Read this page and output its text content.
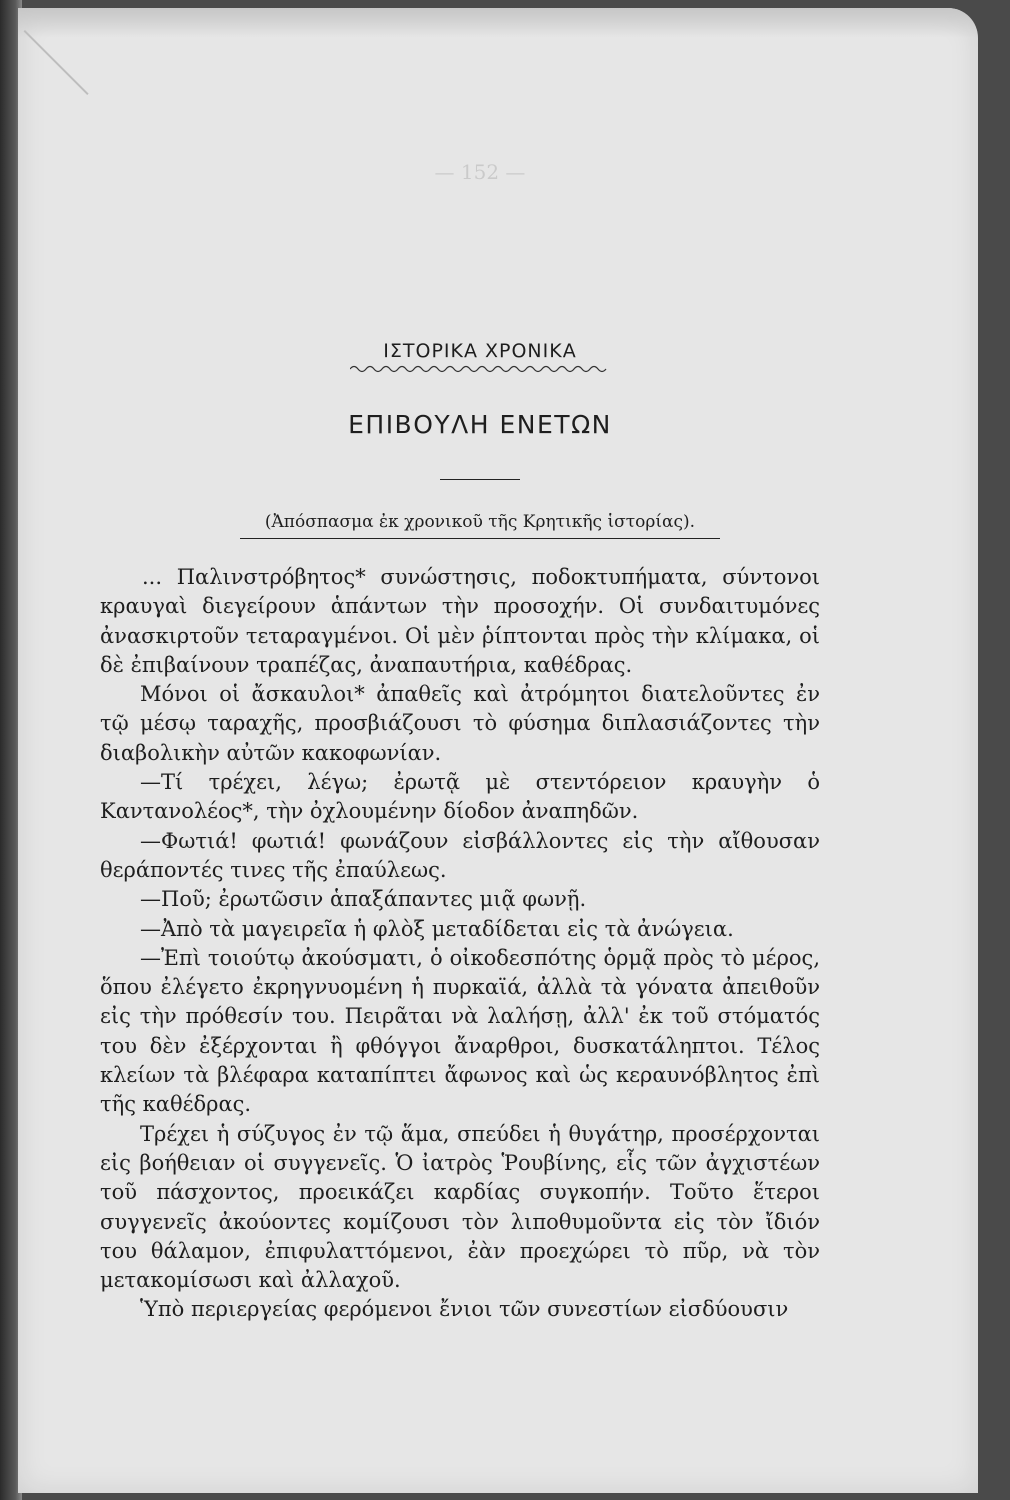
ΙΣΤΟΡΙΚΑ ΧΡΟΝΙΚΑ
ΕΠΙΒΟΥΛΗ ΕΝΕΤΩΝ
(Ἀπόσπασμα ἐκ χρονικοῦ τῆς Κρητικῆς ἱστορίας).

... Παλινστρόβητος* συνώστησις, ποδοκτυπήματα, σύντονοι κραυγαὶ διεγείρουν ἁπάντων τὴν προσοχήν. Οἱ συνδαιτυμόνες ἀνασκιρτοῦν τεταραγμένοι. Οἱ μὲν ῥίπτονται πρὸς τὴν κλίμακα, οἱ δὲ ἐπιβαίνουν τραπέζας, ἀναπαυτήρια, καθέδρας.

Μόνοι οἱ ἄσκαυλοι* ἀπαθεῖς καὶ ἀτρόμητοι διατελοῦντες ἐν τῷ μέσῳ ταραχῆς, προσβιάζουσι τὸ φύσημα διπλασιάζοντες τὴν διαβολικὴν αὐτῶν κακοφωνίαν.

—Τί τρέχει, λέγω; ἐρωτᾷ μὲ στεντόρειον κραυγὴν ὁ Καντανολέος*, τὴν ὀχλουμένην δίοδον ἀναπηδῶν.

—Φωτιά! φωτιά! φωνάζουν εἰσβάλλοντες εἰς τὴν αἴθουσαν θεράποντές τινες τῆς ἐπαύλεως.

—Ποῦ; ἐρωτῶσιν ἁπαξάπαντες μιᾷ φωνῇ.

—Ἀπὸ τὰ μαγειρεῖα ἡ φλὸξ μεταδίδεται εἰς τὰ ἀνώγεια.

—Ἐπὶ τοιούτῳ ἀκούσματι, ὁ οἰκοδεσπότης ὁρμᾷ πρὸς τὸ μέρος, ὅπου ἐλέγετο ἐκρηγνυομένη ἡ πυρκαϊά, ἀλλὰ τὰ γόνατα ἀπειθοῦν εἰς τὴν πρόθεσίν του. Πειρᾶται νὰ λαλήσῃ, ἀλλ' ἐκ τοῦ στόματός του δὲν ἐξέρχονται ἢ φθόγγοι ἄναρθροι, δυσκατάληπτοι. Τέλος κλείων τὰ βλέφαρα καταπίπτει ἄφωνος καὶ ὡς κεραυνόβλητος ἐπὶ τῆς καθέδρας.

Τρέχει ἡ σύζυγος ἐν τῷ ἅμα, σπεύδει ἡ θυγάτηρ, προσέρχονται εἰς βοήθειαν οἱ συγγενεῖς. Ὁ ἰατρὸς Ῥουβίνης, εἷς τῶν ἀγχιστέων τοῦ πάσχοντος, προεικάζει καρδίας συγκοπήν. Τοῦτο ἕτεροι συγγενεῖς ἀκούοντες κομίζουσι τὸν λιποθυμοῦντα εἰς τὸν ἴδιόν του θάλαμον, ἐπιφυλαττόμενοι, ἐὰν προεχώρει τὸ πῦρ, νὰ τὸν μετακομίσωσι καὶ ἀλλαχοῦ.

Ὑπὸ περιεργείας φερόμενοι ἔνιοι τῶν συνεστίων εἰσδύουσιν

— 152 —
